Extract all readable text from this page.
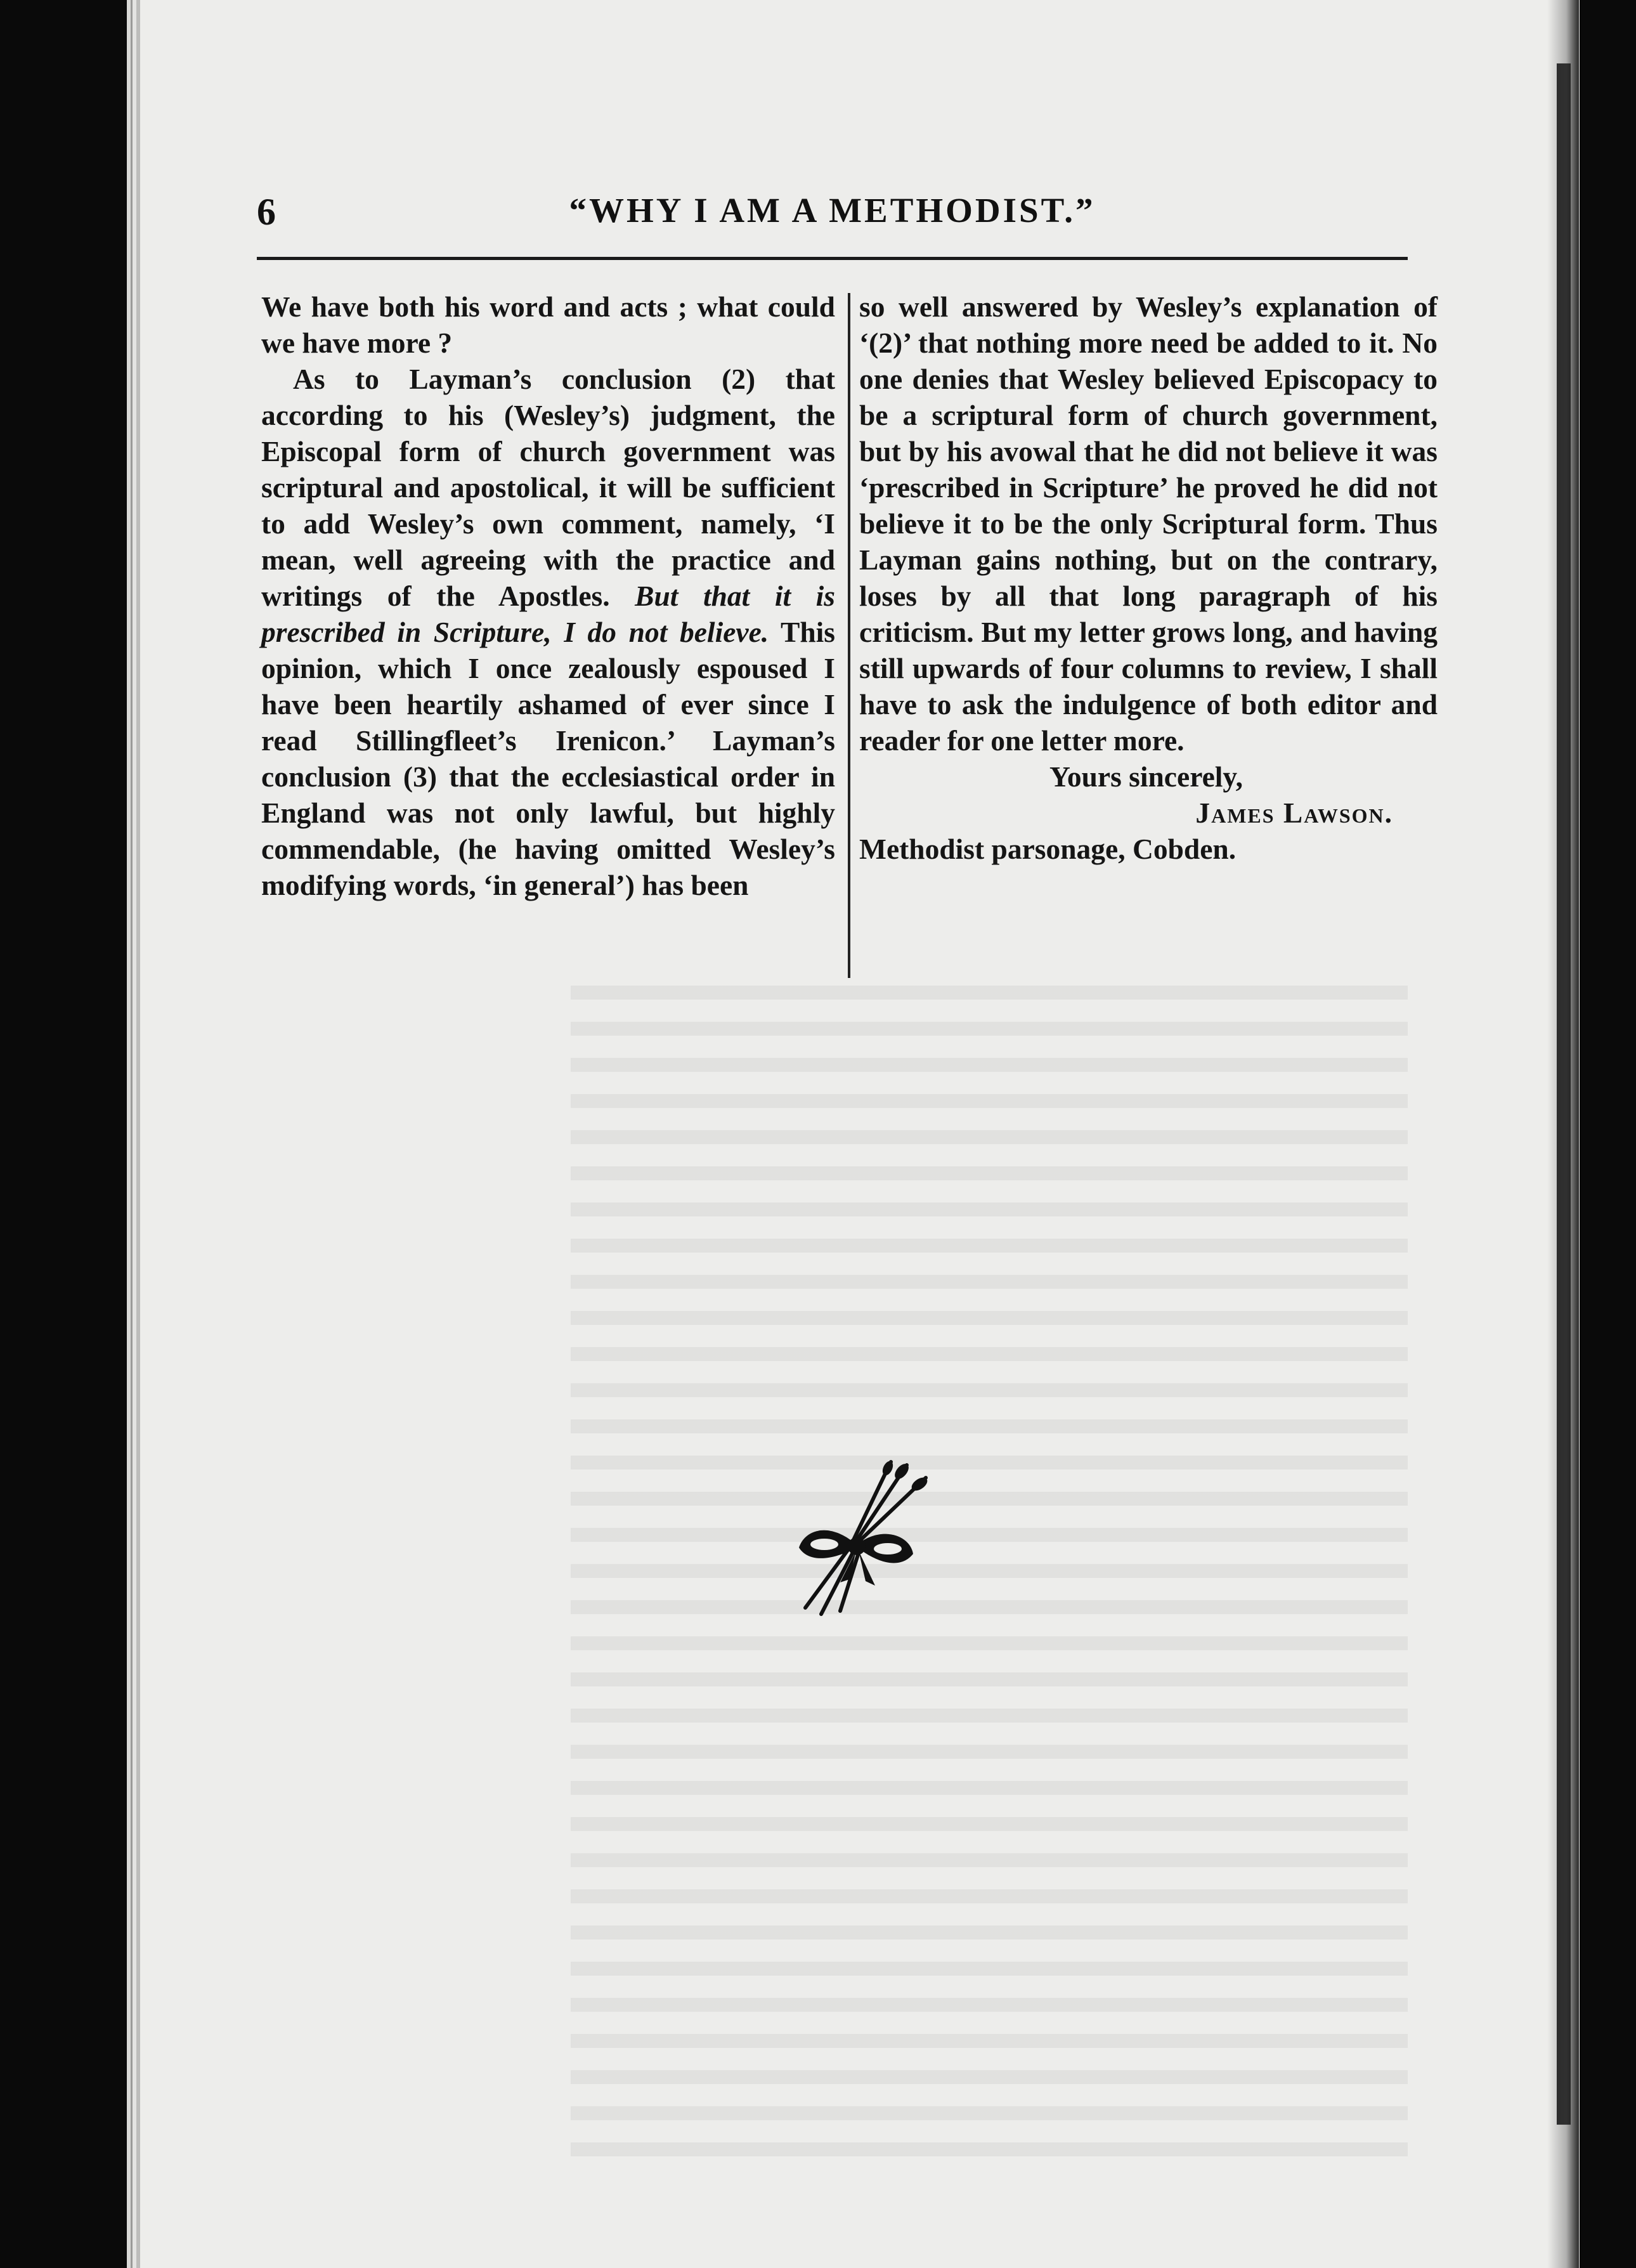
6	“WHY I AM A METHODIST.”

We have both his word and acts ; what could we have more ?

As to Layman’s conclusion (2) that according to his (Wesley’s) judgment, the Episcopal form of church government was scriptural and apostolical, it will be sufficient to add Wesley’s own comment, namely, ‘I mean, well agreeing with the practice and writings of the Apostles. But that it is prescribed in Scripture, I do not believe. This opinion, which I once zealously espoused I have been heartily ashamed of ever since I read Stillingfleet’s Irenicon.’ Layman’s conclusion (3) that the ecclesiastical order in England was not only lawful, but highly commendable, (he having omitted Wesley’s modifying words, ‘in general’) has been

so well answered by Wesley’s explanation of ‘(2)’ that nothing more need be added to it. No one denies that Wesley believed Episcopacy to be a scriptural form of church government, but by his avowal that he did not believe it was ‘prescribed in Scripture’ he proved he did not believe it to be the only Scriptural form. Thus Layman gains nothing, but on the contrary, loses by all that long paragraph of his criticism. But my letter grows long, and having still upwards of four columns to review, I shall have to ask the indulgence of both editor and reader for one letter more.

Yours sincerely,

James Lawson.

Methodist parsonage, Cobden.
